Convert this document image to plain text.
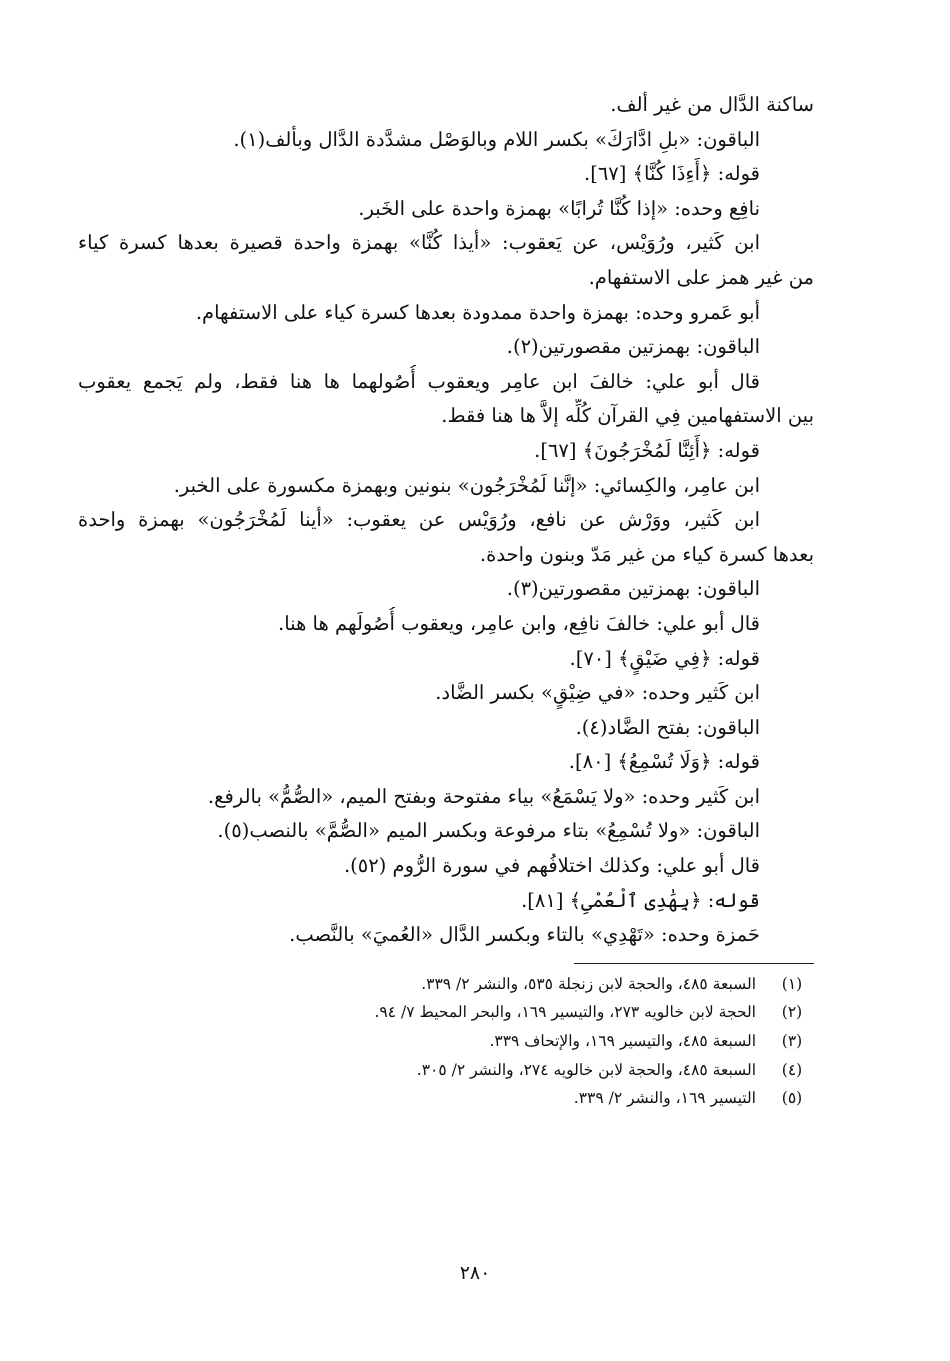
ساكنة الدَّال من غير ألف.
الباقون: «بلِ ادَّارَكَ» بكسر اللام وبالوَصْل مشدَّدة الدَّال وبألف(١).
قوله: ﴿أَءِذَا كُنَّا﴾ [٦٧].
نافِع وحده: «إذا كُنَّا تُرابًا» بهمزة واحدة على الخَبر.
ابن كَثير، ورُوَيْس، عن يَعقوب: «أيذا كُنَّا» بهمزة واحدة قصيرة بعدها كسرة كياء
من غير همز على الاستفهام.
أبو عَمرو وحده: بهمزة واحدة ممدودة بعدها كسرة كياء على الاستفهام.
الباقون: بهمزتين مقصورتين(٢).
قال أبو علي: خالفَ ابن عامِر ويعقوب أُصُولهما ها هنا فقط، ولم يَجمع يعقوب
بين الاستفهامين فِي القرآن كُلِّه إلاَّ ها هنا فقط.
قوله: ﴿أَئِنَّا لَمُخْرَجُونَ﴾ [٦٧].
ابن عامِر، والكِسائي: «إنَّنا لَمُخْرَجُون» بنونين وبهمزة مكسورة على الخبر.
ابن كَثير، ووَرْش عن نافع، ورُوَيْس عن يعقوب: «أينا لَمُخْرَجُون» بهمزة واحدة
بعدها كسرة كياء من غير مَدّ وبنون واحدة.
الباقون: بهمزتين مقصورتين(٣).
قال أبو علي: خالفَ نافِع، وابن عامِر، ويعقوب أُصُولَهم ها هنا.
قوله: ﴿فِي ضَيْقٍ﴾ [٧٠].
ابن كَثير وحده: «في ضِيْقٍ» بكسر الضَّاد.
الباقون: بفتح الضَّاد(٤).
قوله: ﴿وَلَا تُسْمِعُ﴾ [٨٠].
ابن كَثير وحده: «ولا يَسْمَعُ» بياء مفتوحة وبفتح الميم، «الصُّمُّ» بالرفع.
الباقون: «ولا تُسْمِعُ» بتاء مرفوعة وبكسر الميم «الصُّمَّ» بالنصب(٥).
قال أبو علي: وكذلك اختلافُهم في سورة الرُّوم (٥٢).
قوله: ﴿بِهَٰدِى ٱلْعُمْىِ﴾ [٨١].
حَمزة وحده: «تَهْدِي» بالتاء وبكسر الدَّال «العُميَ» بالنَّصب.
(١)
السبعة ٤٨٥، والحجة لابن زنجلة ٥٣٥، والنشر ٢/ ٣٣٩.
(٢)
الحجة لابن خالويه ٢٧٣، والتيسير ١٦٩، والبحر المحيط ٧/ ٩٤.
(٣)
السبعة ٤٨٥، والتيسير ١٦٩، والإتحاف ٣٣٩.
(٤)
السبعة ٤٨٥، والحجة لابن خالويه ٢٧٤، والنشر ٢/ ٣٠٥.
(٥)
التيسير ١٦٩، والنشر ٢/ ٣٣٩.
٢٨٠
